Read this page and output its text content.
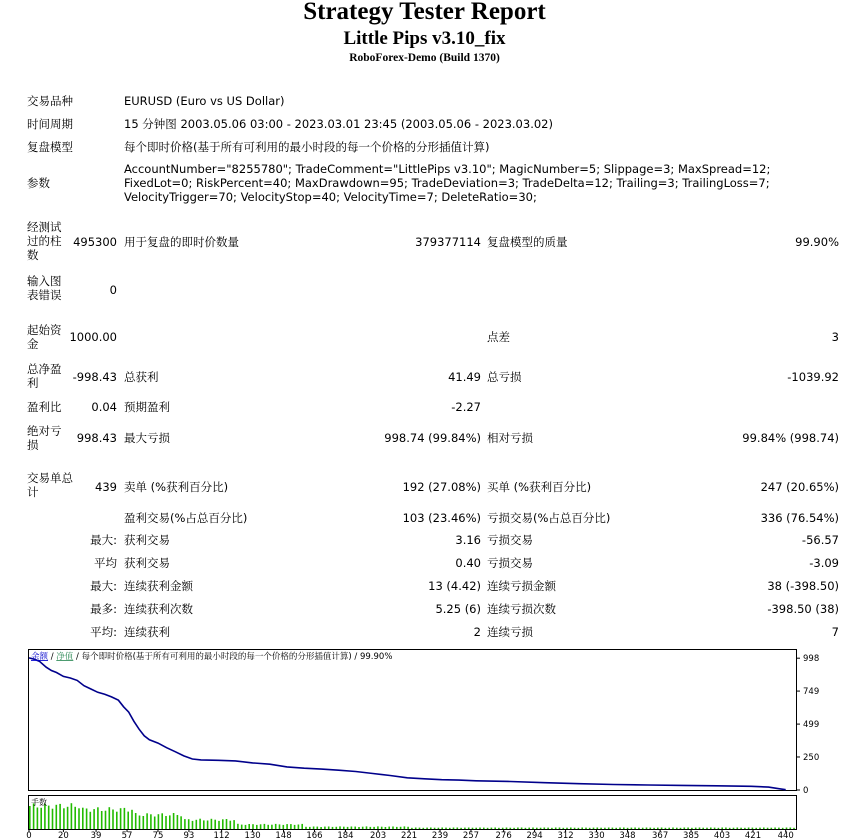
Strategy Tester Report
Little Pips v3.10_fix
RoboForex-Demo (Build 1370)
交易品种	EURUSD (Euro vs US Dollar)
时间周期	15 分钟图 2003.05.06 03:00 - 2023.03.01 23:45 (2003.05.06 - 2023.03.02)
复盘模型	每个即时价格(基于所有可利用的最小时段的每一个价格的分形插值计算)
参数
AccountNumber="8255780"; TradeComment="LittlePips v3.10"; MagicNumber=5; Slippage=3; MaxSpread=12; FixedLot=0; RiskPercent=40; MaxDrawdown=95; TradeDeviation=3; TradeDelta=12; Trailing=3; TrailingLoss=7; VelocityTrigger=70; VelocityStop=40; VelocityTime=7; DeleteRatio=30;
经测试过的柱数
495300 用于复盘的即时价数量	379377114 复盘模型的质量	99.90%
输入图表错误	0
起始资金	1000.00	点差	3
总净盈利	-998.43 总获利	41.49 总亏损	-1039.92
盈利比	0.04 预期盈利	-2.27
绝对亏损	998.43 最大亏损	998.74 (99.84%) 相对亏损	99.84% (998.74)
交易单总计	439 卖单 (%获利百分比)	192 (27.08%) 买单 (%获利百分比)	247 (20.65%)
盈利交易(%占总百分比)	103 (23.46%) 亏损交易(%占总百分比)	336 (76.54%)
最大: 获利交易	3.16 亏损交易	-56.57
平均 获利交易	0.40 亏损交易	-3.09
最大: 连续获利金额	13 (4.42) 连续亏损金额	38 (-398.50)
最多: 连续获利次数	5.25 (6) 连续亏损次数	-398.50 (38)
平均: 连续获利	2 连续亏损	7
998
749
499
250
0
0	20	39 57 75 93 112 130 148 166 184 203 221 239 257 276 294 312 330 348 367 385 403 421 440
余额 / 净值 / 每个即时价格(基于所有可利用的最小时段的每一个价格的分形插值计算) / 99.90%
手数
